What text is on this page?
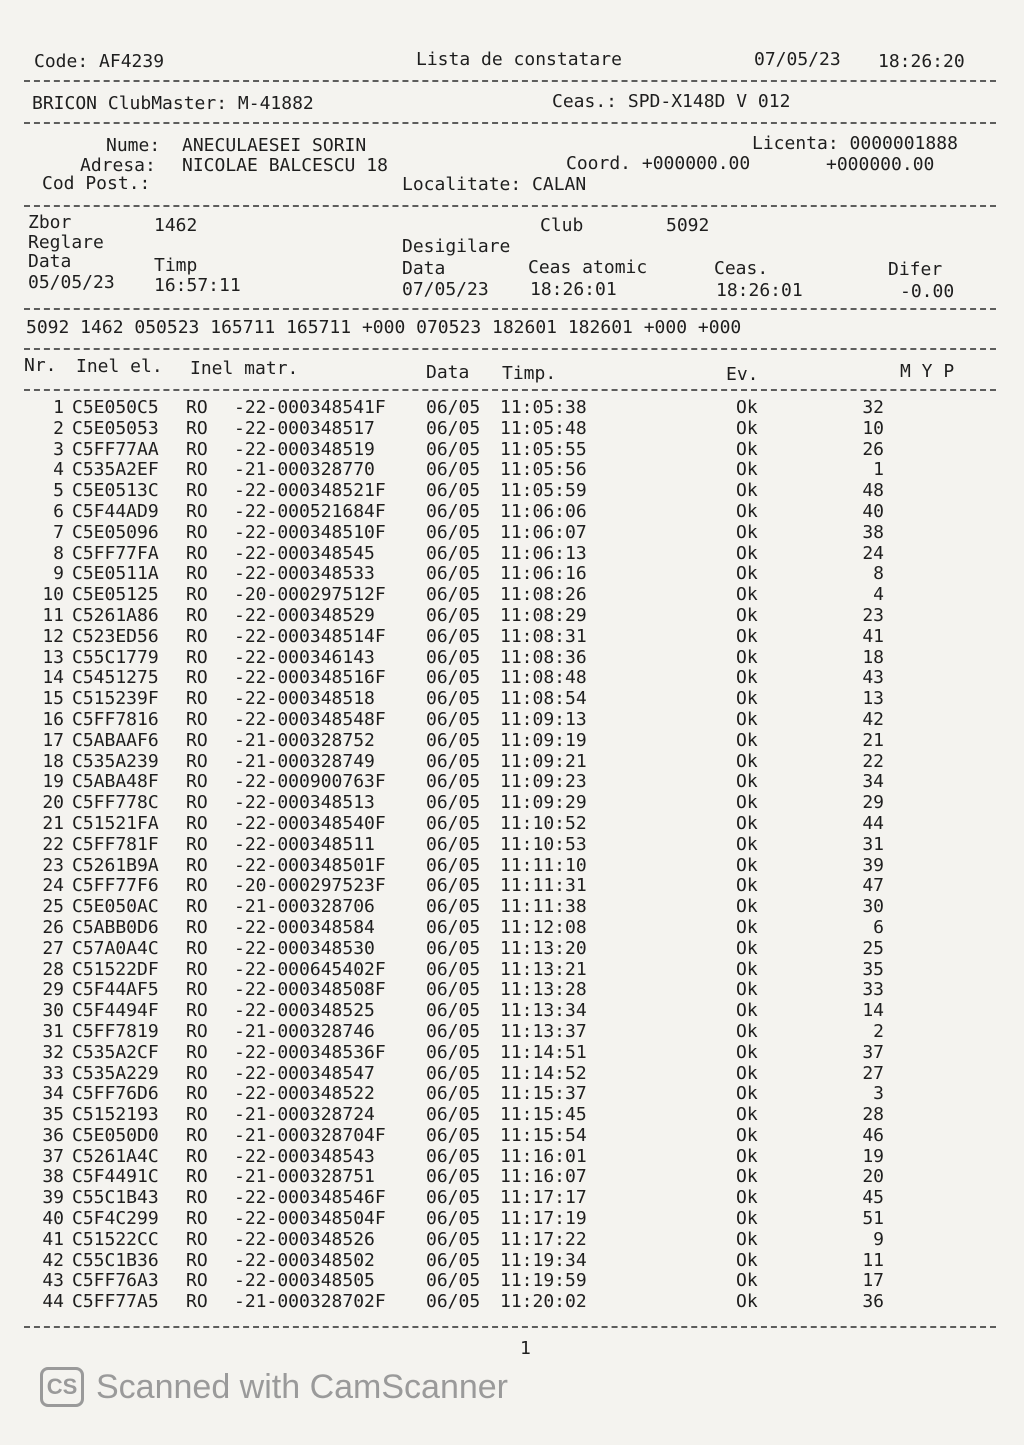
Code: AF4239	Lista de constatare	07/05/23 18:26:20
BRICON ClubMaster: M-41882	Ceas.: SPD-X148D V 012
Nume: ANECULAESEI SORIN	Licenta: 0000001888
Adresa: NICOLAE BALCESCU 18	Coord. +000000.00	+000000.00
Cod Post.:	Localitate: CALAN
Zbor	1462	Club	5092
Reglare	Desigilare
Data	Timp	Data	Ceas atomic	Ceas.	Difer
05/05/23 16:57:11	07/05/23 18:26:01	18:26:01	-0.00
5092 1462 050523 165711 165711 +000 070523 182601 182601 +000 +000
Nr. Inel el. Inel matr.	Data Timp.	Ev.	M Y P
1 C5E050C5 RO -22-000348541F 06/05 11:05:38	Ok	32
2 C5E05053 RO -22-000348517	06/05 11:05:48	Ok	10
3 C5FF77AA RO -22-000348519	06/05 11:05:55	Ok	26
4 C535A2EF RO -21-000328770	06/05 11:05:56	Ok	1
5 C5E0513C RO -22-000348521F 06/05 11:05:59	Ok	48
6 C5F44AD9 RO -22-000521684F 06/05 11:06:06	Ok	40
7 C5E05096 RO -22-000348510F 06/05 11:06:07	Ok	38
8 C5FF77FA RO -22-000348545	06/05 11:06:13	Ok	24
9 C5E0511A RO -22-000348533	06/05 11:06:16	Ok	8
10 C5E05125 RO -20-000297512F 06/05 11:08:26	Ok	4
11 C5261A86 RO -22-000348529	06/05 11:08:29	Ok	23
12 C523ED56 RO -22-000348514F 06/05 11:08:31	Ok	41
13 C55C1779 RO -22-000346143	06/05 11:08:36	Ok	18
14 C5451275 RO -22-000348516F 06/05 11:08:48	Ok	43
15 C515239F RO -22-000348518	06/05 11:08:54	Ok	13
16 C5FF7816 RO -22-000348548F 06/05 11:09:13	Ok	42
17 C5ABAAF6 RO -21-000328752	06/05 11:09:19	Ok	21
18 C535A239 RO -21-000328749	06/05 11:09:21	Ok	22
19 C5ABA48F RO -22-000900763F 06/05 11:09:23	Ok	34
20 C5FF778C RO -22-000348513	06/05 11:09:29	Ok	29
21 C51521FA RO -22-000348540F 06/05 11:10:52	Ok	44
22 C5FF781F RO -22-000348511	06/05 11:10:53	Ok	31
23 C5261B9A RO -22-000348501F 06/05 11:11:10	Ok	39
24 C5FF77F6 RO -20-000297523F 06/05 11:11:31	Ok	47
25 C5E050AC RO -21-000328706	06/05 11:11:38	Ok	30
26 C5ABB0D6 RO -22-000348584	06/05 11:12:08	Ok	6
27 C57A0A4C RO -22-000348530	06/05 11:13:20	Ok	25
28 C51522DF RO -22-000645402F 06/05 11:13:21	Ok	35
29 C5F44AF5 RO -22-000348508F 06/05 11:13:28	Ok	33
30 C5F4494F RO -22-000348525	06/05 11:13:34	Ok	14
31 C5FF7819 RO -21-000328746	06/05 11:13:37	Ok	2
32 C535A2CF RO -22-000348536F 06/05 11:14:51	Ok	37
33 C535A229 RO -22-000348547	06/05 11:14:52	Ok	27
34 C5FF76D6 RO -22-000348522	06/05 11:15:37	Ok	3
35 C5152193 RO -21-000328724	06/05 11:15:45	Ok	28
36 C5E050D0 RO -21-000328704F 06/05 11:15:54	Ok	46
37 C5261A4C RO -22-000348543	06/05 11:16:01	Ok	19
38 C5F4491C RO -21-000328751	06/05 11:16:07	Ok	20
39 C55C1B43 RO -22-000348546F 06/05 11:17:17	Ok	45
40 C5F4C299 RO -22-000348504F 06/05 11:17:19	Ok	51
41 C51522CC RO -22-000348526	06/05 11:17:22	Ok	9
42 C55C1B36 RO -22-000348502	06/05 11:19:34	Ok	11
43 C5FF76A3 RO -22-000348505	06/05 11:19:59	Ok	17
44 C5FF77A5 RO -21-000328702F 06/05 11:20:02	Ok	36
1
CS Scanned with CamScanner
